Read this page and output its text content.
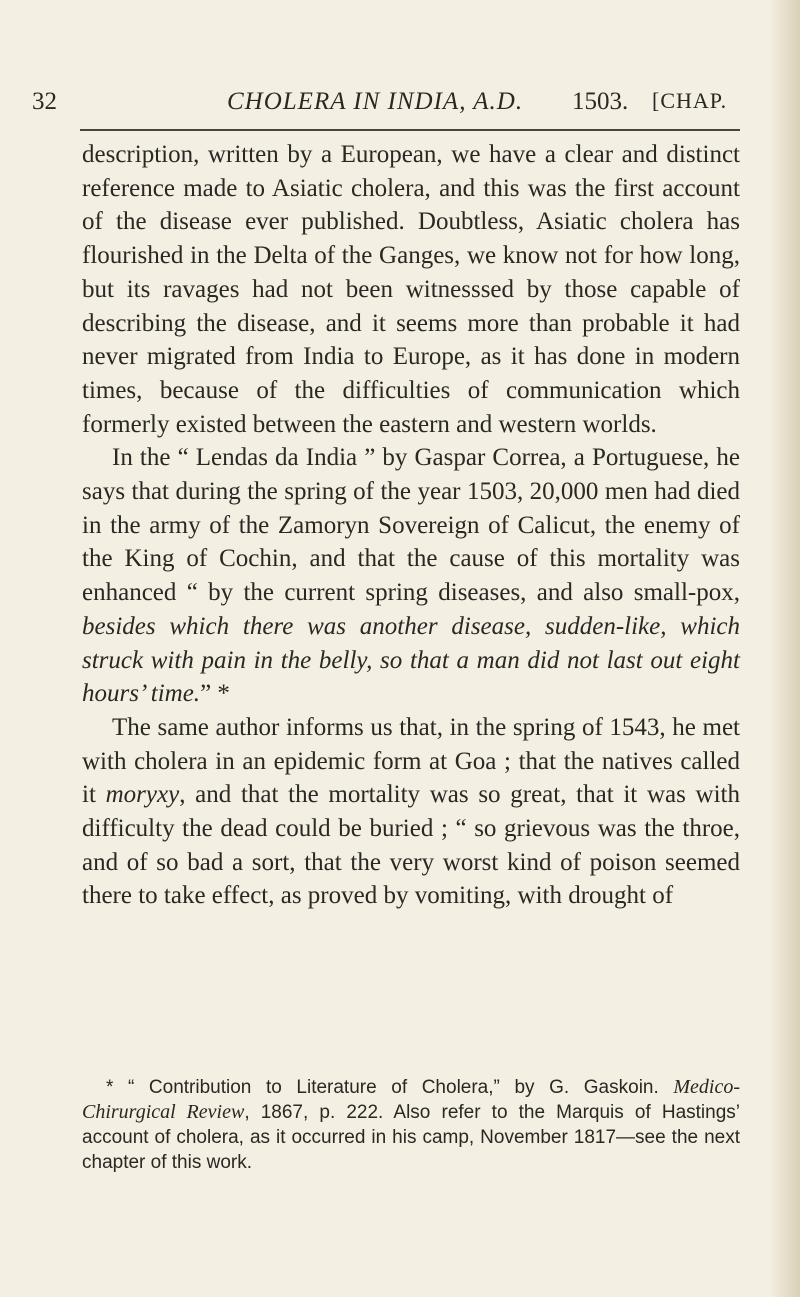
32	CHOLERA IN INDIA, A.D. 1503. [CHAP.

description, written by a European, we have a clear and distinct reference made to Asiatic cholera, and this was the first account of the disease ever published. Doubtless, Asiatic cholera has flourished in the Delta of the Ganges, we know not for how long, but its ravages had not been witnesssed by those capable of describing the disease, and it seems more than probable it had never migrated from India to Europe, as it has done in modern times, because of the difficulties of communication which formerly existed between the eastern and western worlds.

In the “ Lendas da India ” by Gaspar Correa, a Portuguese, he says that during the spring of the year 1503, 20,000 men had died in the army of the Zamoryn Sovereign of Calicut, the enemy of the King of Cochin, and that the cause of this mortality was enhanced “ by the current spring diseases, and also small-pox, besides which there was another disease, sudden-like, which struck with pain in the belly, so that a man did not last out eight hours’ time.” *

The same author informs us that, in the spring of 1543, he met with cholera in an epidemic form at Goa ; that the natives called it moryxy, and that the mortality was so great, that it was with difficulty the dead could be buried ; “ so grievous was the throe, and of so bad a sort, that the very worst kind of poison seemed there to take effect, as proved by vomiting, with drought of

* “ Contribution to Literature of Cholera,” by G. Gaskoin. Medico-Chirurgical Review, 1867, p. 222. Also refer to the Marquis of Hastings’ account of cholera, as it occurred in his camp, November 1817—see the next chapter of this work.
